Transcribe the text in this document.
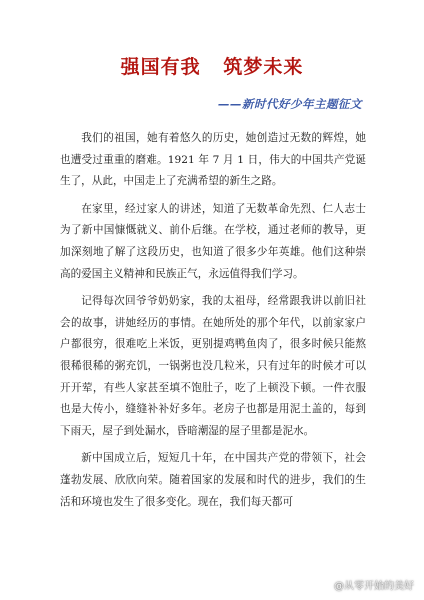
强国有我   筑梦未来
——新时代好少年主题征文

我们的祖国，她有着悠久的历史，她创造过无数的辉煌，她也遭受过重重的磨难。1921 年 7 月 1 日，伟大的中国共产党诞生了，从此，中国走上了充满希望的新生之路。

在家里，经过家人的讲述，知道了无数革命先烈、仁人志士为了新中国慷慨就义、前仆后继。在学校，通过老师的教导，更加深刻地了解了这段历史，也知道了很多少年英雄。他们这种崇高的爱国主义精神和民族正气，永远值得我们学习。

记得每次回爷爷奶奶家，我的太祖母，经常跟我讲以前旧社会的故事，讲她经历的事情。在她所处的那个年代，以前家家户户都很穷，很难吃上米饭，更别提鸡鸭鱼肉了，很多时候只能熬很稀很稀的粥充饥，一锅粥也没几粒米，只有过年的时候才可以开开荤，有些人家甚至填不饱肚子，吃了上顿没下顿。一件衣服也是大传小，缝缝补补好多年。老房子也都是用泥土盖的，每到下雨天，屋子到处漏水，昏暗潮湿的屋子里都是泥水。

新中国成立后，短短几十年，在中国共产党的带领下，社会蓬勃发展、欣欣向荣。随着国家的发展和时代的进步，我们的生活和环境也发生了很多变化。现在，我们每天都可

@从零开始的美好
